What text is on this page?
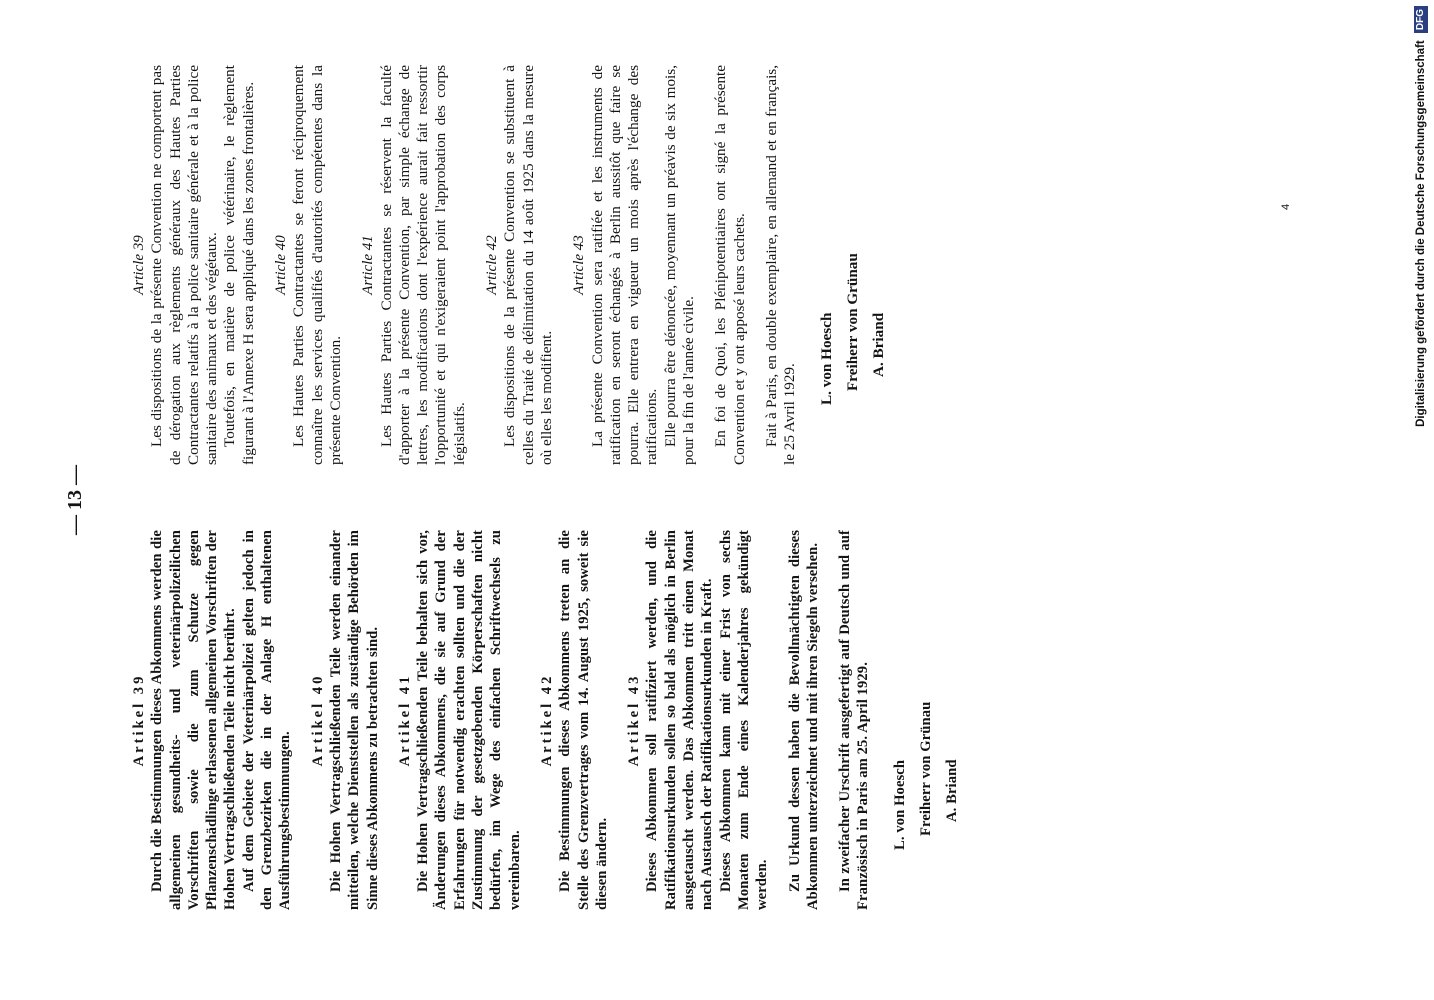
— 13 —
Artikel 39 Durch die Bestimmungen dieses Abkommens werden die allgemeinen gesundheits- und veterinärpolizeilichen Vorschriften sowie die zum Schutze gegen Pflanzenschädlinge erlassenen allgemeinen Vorschriften der Hohen Vertragschließenden Teile nicht berührt. Auf dem Gebiete der Veterinärpolizei gelten jedoch in den Grenzbezirken die in der Anlage H enthaltenen Ausführungsbestimmungen.

Artikel 40 Die Hohen Vertragschließenden Teile werden einander mitteilen, welche Dienststellen als zuständige Behörden im Sinne dieses Abkommens zu betrachten sind. Artikel 41 Die Hohen Vertragschließenden Teile behalten sich vor, Änderungen dieses Abkommens, die sie auf Grund der Erfahrungen für notwendig erachten sollten und die der Zustimmung der gesetzgebenden Körperschaften nicht bedürfen, im Wege des einfachen Schriftwechsels zu vereinbaren.

Artikel 42 Die Bestimmungen dieses Abkommens treten an die Stelle des Grenzvertrages vom 14. August 1925, soweit sie diesen ändern.

Artikel 43 Dieses Abkommen soll ratifiziert werden, und die Ratifikationsurkunden sollen so bald als möglich in Berlin ausgetauscht werden. Das Abkommen tritt einen Monat nach Austausch der Ratifikationsurkunden in Kraft. Dieses Abkommen kann mit einer Frist von sechs Monaten zum Ende eines Kalenderjahres gekündigt werden. Zu Urkund dessen haben die Bevollmächtigten dieses Abkommen unterzeichnet und mit ihren Siegeln versehen. In zweifacher Urschrift ausgefertigt auf Deutsch und auf Französisch in Paris am 25. April 1929.	L. von Hoesch Freiherr von Grünau A. Briand
Article 39 Les dispositions de la présente Convention ne comportent pas de dérogation aux règlements généraux des Hautes Parties Contractantes relatifs à la police sanitaire générale et à la police sanitaire des animaux et des végétaux. Toutefois, en matière de police vétérinaire, le règlement figurant à l'Annexe H sera appliqué dans les zones frontalières. Article 40 Les Hautes Parties Contractantes se feront réciproquement connaître les services qualifiés d'autorités compétentes dans la présente Convention.

Article 41 Les Hautes Parties Contractantes se réservent la faculté d'apporter à la présente Convention, par simple échange de lettres, les modifications dont l'expérience aurait fait ressortir l'opportunité et qui n'exigeraient point l'approbation des corps législatifs.

Article 42 Les dispositions de la présente Convention se substituent à celles du Traité de délimitation du 14 août 1925 dans la mesure où elles les modifient.

Article 43 La présente Convention sera ratifiée et les instruments de ratification en seront échangés à Berlin aussitôt que faire se pourra. Elle entrera en vigueur un mois après l'échange des ratifications. Elle pourra être dénoncée, moyennant un préavis de six mois, pour la fin de l'année civile. En foi de Quoi, les Plénipotentiaires ont signé la présente Convention et y ont apposé leurs cachets. Fait à Paris, en double exemplaire, en allemand et en français, le 25 Avril 1929.

L. von Hoesch Freiherr von Grünau A. Briand
4	Digitalisierung gefördert durch die Deutsche Forschungsgemeinschaft DFG
